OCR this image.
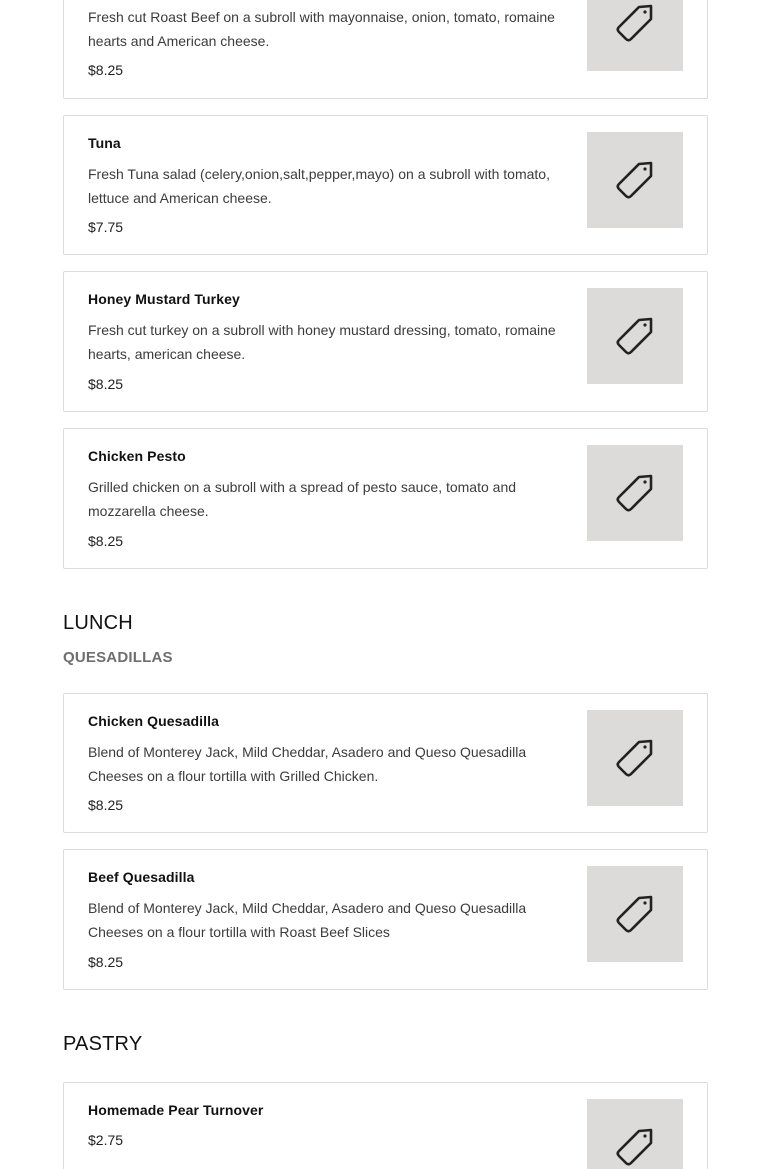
Fresh cut Roast Beef on a subroll with mayonnaise, onion, tomato, romaine hearts and American cheese.
$8.25
Tuna
Fresh Tuna salad (celery,onion,salt,pepper,mayo) on a subroll with tomato, lettuce and American cheese.
$7.75
Honey Mustard Turkey
Fresh cut turkey on a subroll with honey mustard dressing, tomato, romaine hearts, american cheese.
$8.25
Chicken Pesto
Grilled chicken on a subroll with a spread of pesto sauce, tomato and mozzarella cheese.
$8.25
LUNCH
QUESADILLAS
Chicken Quesadilla
Blend of Monterey Jack, Mild Cheddar, Asadero and Queso Quesadilla Cheeses on a flour tortilla with Grilled Chicken.
$8.25
Beef Quesadilla
Blend of Monterey Jack, Mild Cheddar, Asadero and Queso Quesadilla Cheeses on a flour tortilla with Roast Beef Slices
$8.25
PASTRY
Homemade Pear Turnover
$2.75
